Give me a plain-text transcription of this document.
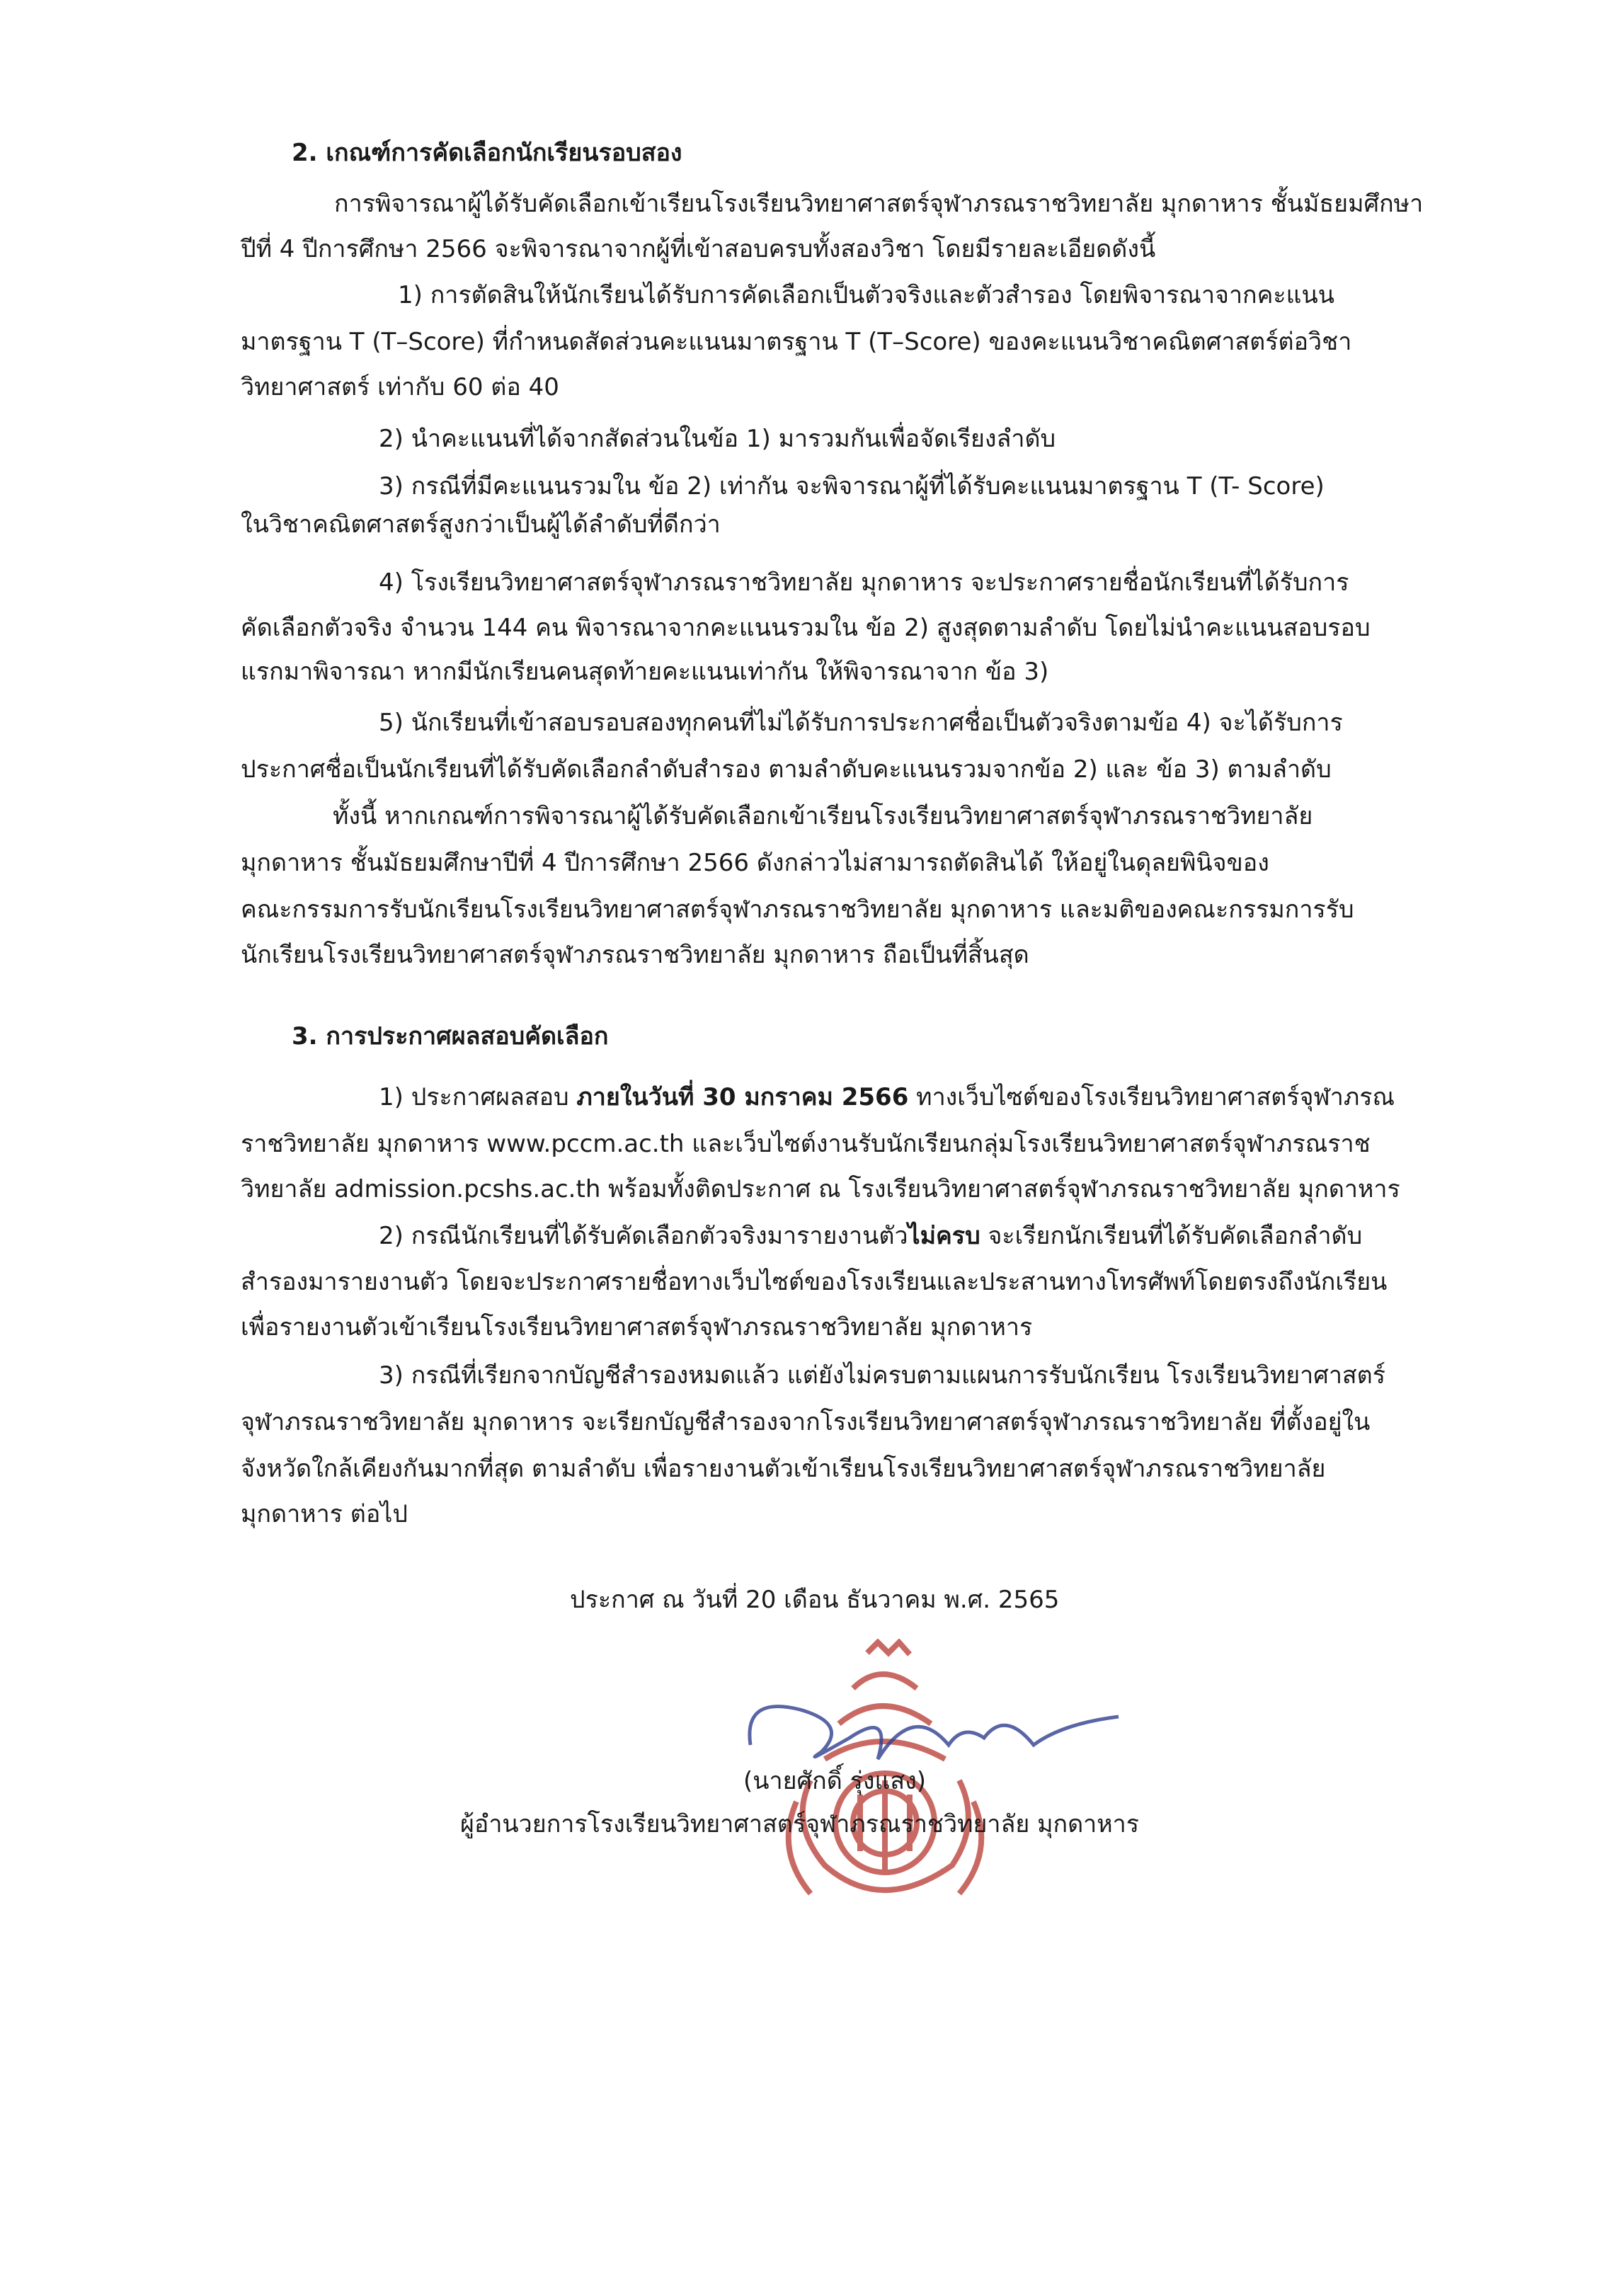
2. เกณฑ์การคัดเลือกนักเรียนรอบสอง
การพิจารณาผู้ได้รับคัดเลือกเข้าเรียนโรงเรียนวิทยาศาสตร์จุฬาภรณราชวิทยาลัย มุกดาหาร ชั้นมัธยมศึกษา
ปีที่ 4 ปีการศึกษา 2566 จะพิจารณาจากผู้ที่เข้าสอบครบทั้งสองวิชา โดยมีรายละเอียดดังนี้
1) การตัดสินให้นักเรียนได้รับการคัดเลือกเป็นตัวจริงและตัวสำรอง โดยพิจารณาจากคะแนน
มาตรฐาน T (T–Score) ที่กำหนดสัดส่วนคะแนนมาตรฐาน T (T–Score) ของคะแนนวิชาคณิตศาสตร์ต่อวิชา
วิทยาศาสตร์ เท่ากับ 60 ต่อ 40
2) นำคะแนนที่ได้จากสัดส่วนในข้อ 1) มารวมกันเพื่อจัดเรียงลำดับ
3) กรณีที่มีคะแนนรวมใน ข้อ 2) เท่ากัน จะพิจารณาผู้ที่ได้รับคะแนนมาตรฐาน T (T- Score)
ในวิชาคณิตศาสตร์สูงกว่าเป็นผู้ได้ลำดับที่ดีกว่า
4) โรงเรียนวิทยาศาสตร์จุฬาภรณราชวิทยาลัย มุกดาหาร จะประกาศรายชื่อนักเรียนที่ได้รับการ
คัดเลือกตัวจริง จำนวน 144 คน พิจารณาจากคะแนนรวมใน ข้อ 2) สูงสุดตามลำดับ โดยไม่นำคะแนนสอบรอบ
แรกมาพิจารณา หากมีนักเรียนคนสุดท้ายคะแนนเท่ากัน ให้พิจารณาจาก ข้อ 3)
5) นักเรียนที่เข้าสอบรอบสองทุกคนที่ไม่ได้รับการประกาศชื่อเป็นตัวจริงตามข้อ 4) จะได้รับการ
ประกาศชื่อเป็นนักเรียนที่ได้รับคัดเลือกลำดับสำรอง ตามลำดับคะแนนรวมจากข้อ 2) และ ข้อ 3) ตามลำดับ
ทั้งนี้ หากเกณฑ์การพิจารณาผู้ได้รับคัดเลือกเข้าเรียนโรงเรียนวิทยาศาสตร์จุฬาภรณราชวิทยาลัย
มุกดาหาร ชั้นมัธยมศึกษาปีที่ 4 ปีการศึกษา 2566 ดังกล่าวไม่สามารถตัดสินได้ ให้อยู่ในดุลยพินิจของ
คณะกรรมการรับนักเรียนโรงเรียนวิทยาศาสตร์จุฬาภรณราชวิทยาลัย มุกดาหาร และมติของคณะกรรมการรับ
นักเรียนโรงเรียนวิทยาศาสตร์จุฬาภรณราชวิทยาลัย มุกดาหาร ถือเป็นที่สิ้นสุด
3. การประกาศผลสอบคัดเลือก
1) ประกาศผลสอบ ภายในวันที่ 30 มกราคม 2566 ทางเว็บไซต์ของโรงเรียนวิทยาศาสตร์จุฬาภรณ
ราชวิทยาลัย มุกดาหาร www.pccm.ac.th และเว็บไซต์งานรับนักเรียนกลุ่มโรงเรียนวิทยาศาสตร์จุฬาภรณราช
วิทยาลัย admission.pcshs.ac.th พร้อมทั้งติดประกาศ ณ โรงเรียนวิทยาศาสตร์จุฬาภรณราชวิทยาลัย มุกดาหาร
2) กรณีนักเรียนที่ได้รับคัดเลือกตัวจริงมารายงานตัวไม่ครบ จะเรียกนักเรียนที่ได้รับคัดเลือกลำดับ
สำรองมารายงานตัว โดยจะประกาศรายชื่อทางเว็บไซต์ของโรงเรียนและประสานทางโทรศัพท์โดยตรงถึงนักเรียน
เพื่อรายงานตัวเข้าเรียนโรงเรียนวิทยาศาสตร์จุฬาภรณราชวิทยาลัย มุกดาหาร
3) กรณีที่เรียกจากบัญชีสำรองหมดแล้ว แต่ยังไม่ครบตามแผนการรับนักเรียน โรงเรียนวิทยาศาสตร์
จุฬาภรณราชวิทยาลัย มุกดาหาร จะเรียกบัญชีสำรองจากโรงเรียนวิทยาศาสตร์จุฬาภรณราชวิทยาลัย ที่ตั้งอยู่ใน
จังหวัดใกล้เคียงกันมากที่สุด ตามลำดับ เพื่อรายงานตัวเข้าเรียนโรงเรียนวิทยาศาสตร์จุฬาภรณราชวิทยาลัย
มุกดาหาร ต่อไป
ประกาศ ณ วันที่ 20 เดือน ธันวาคม พ.ศ. 2565
(นายศักดิ์ รุ่งแสง)
ผู้อำนวยการโรงเรียนวิทยาศาสตร์จุฬาภรณราชวิทยาลัย มุกดาหาร
